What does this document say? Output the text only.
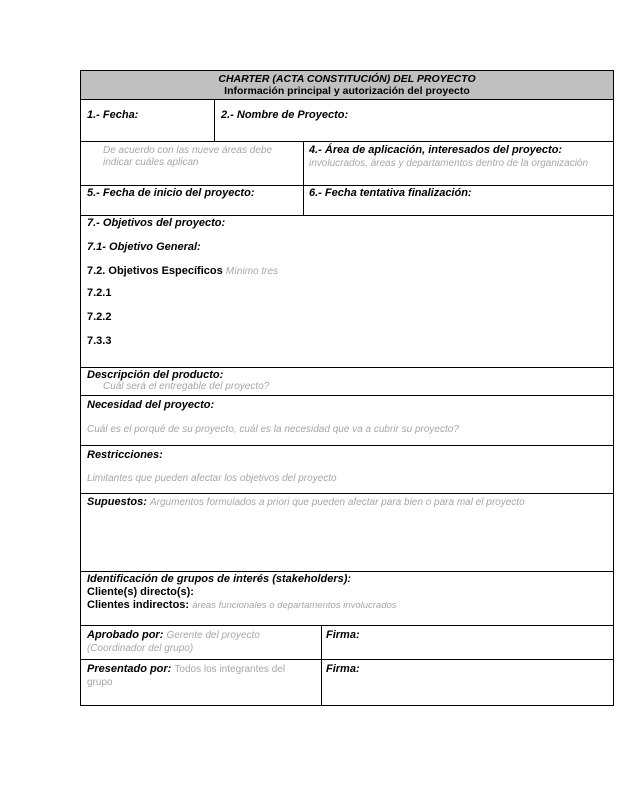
CHARTER (ACTA CONSTITUCIÓN) DEL PROYECTO
Información principal y autorización del proyecto
1.- Fecha:	2.- Nombre de Proyecto:
De acuerdo con las nueve áreas debe indicar cuáles aplican
4.- Área de aplicación, interesados del proyecto: involucrados, áreas y departamentos dentro de la organización
5.- Fecha de inicio del proyecto:	6.- Fecha tentativa finalización:
7.- Objetivos del proyecto:
7.1- Objetivo General:
7.2. Objetivos Específicos Mínimo tres
7.2.1
7.2.2
7.3.3
Descripción del producto:
Cuál será el entregable del proyecto?
Necesidad del proyecto:
Cuál es el porqué de su proyecto, cuál es la necesidad que va a cubrir su proyecto?
Restricciones:
Limitantes que pueden afectar los objetivos del proyecto
Supuestos: Argumentos formulados a priori que pueden afectar para bien o para mal el proyecto
Identificación de grupos de interés (stakeholders):
Cliente(s) directo(s):
Clientes indirectos: áreas funcionales o departamentos involucrados
Aprobado por: Gerente del proyecto (Coordinador del grupo)
Firma:
Presentado por: Todos los integrantes del grupo
Firma:
